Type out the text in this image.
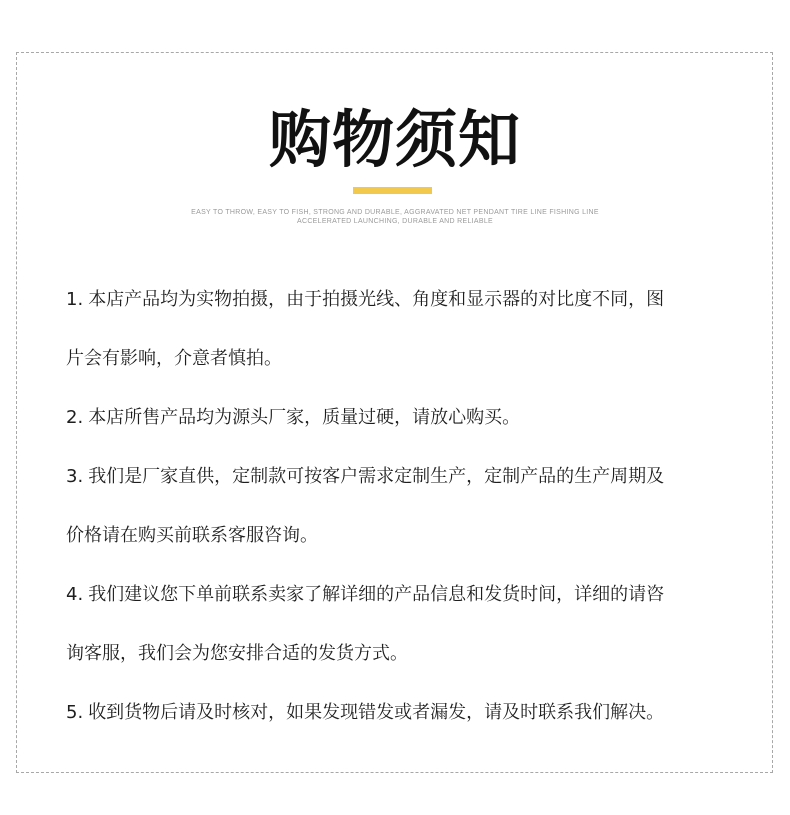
购物须知
EASY TO THROW, EASY TO FISH, STRONG AND DURABLE, AGGRAVATED NET PENDANT TIRE LINE FISHING LINE
ACCELERATED LAUNCHING, DURABLE AND RELIABLE
1. 本店产品均为实物拍摄，由于拍摄光线、角度和显示器的对比度不同，图
片会有影响，介意者慎拍。
2. 本店所售产品均为源头厂家，质量过硬，请放心购买。
3. 我们是厂家直供，定制款可按客户需求定制生产，定制产品的生产周期及
价格请在购买前联系客服咨询。
4. 我们建议您下单前联系卖家了解详细的产品信息和发货时间，详细的请咨
询客服，我们会为您安排合适的发货方式。
5. 收到货物后请及时核对，如果发现错发或者漏发，请及时联系我们解决。
